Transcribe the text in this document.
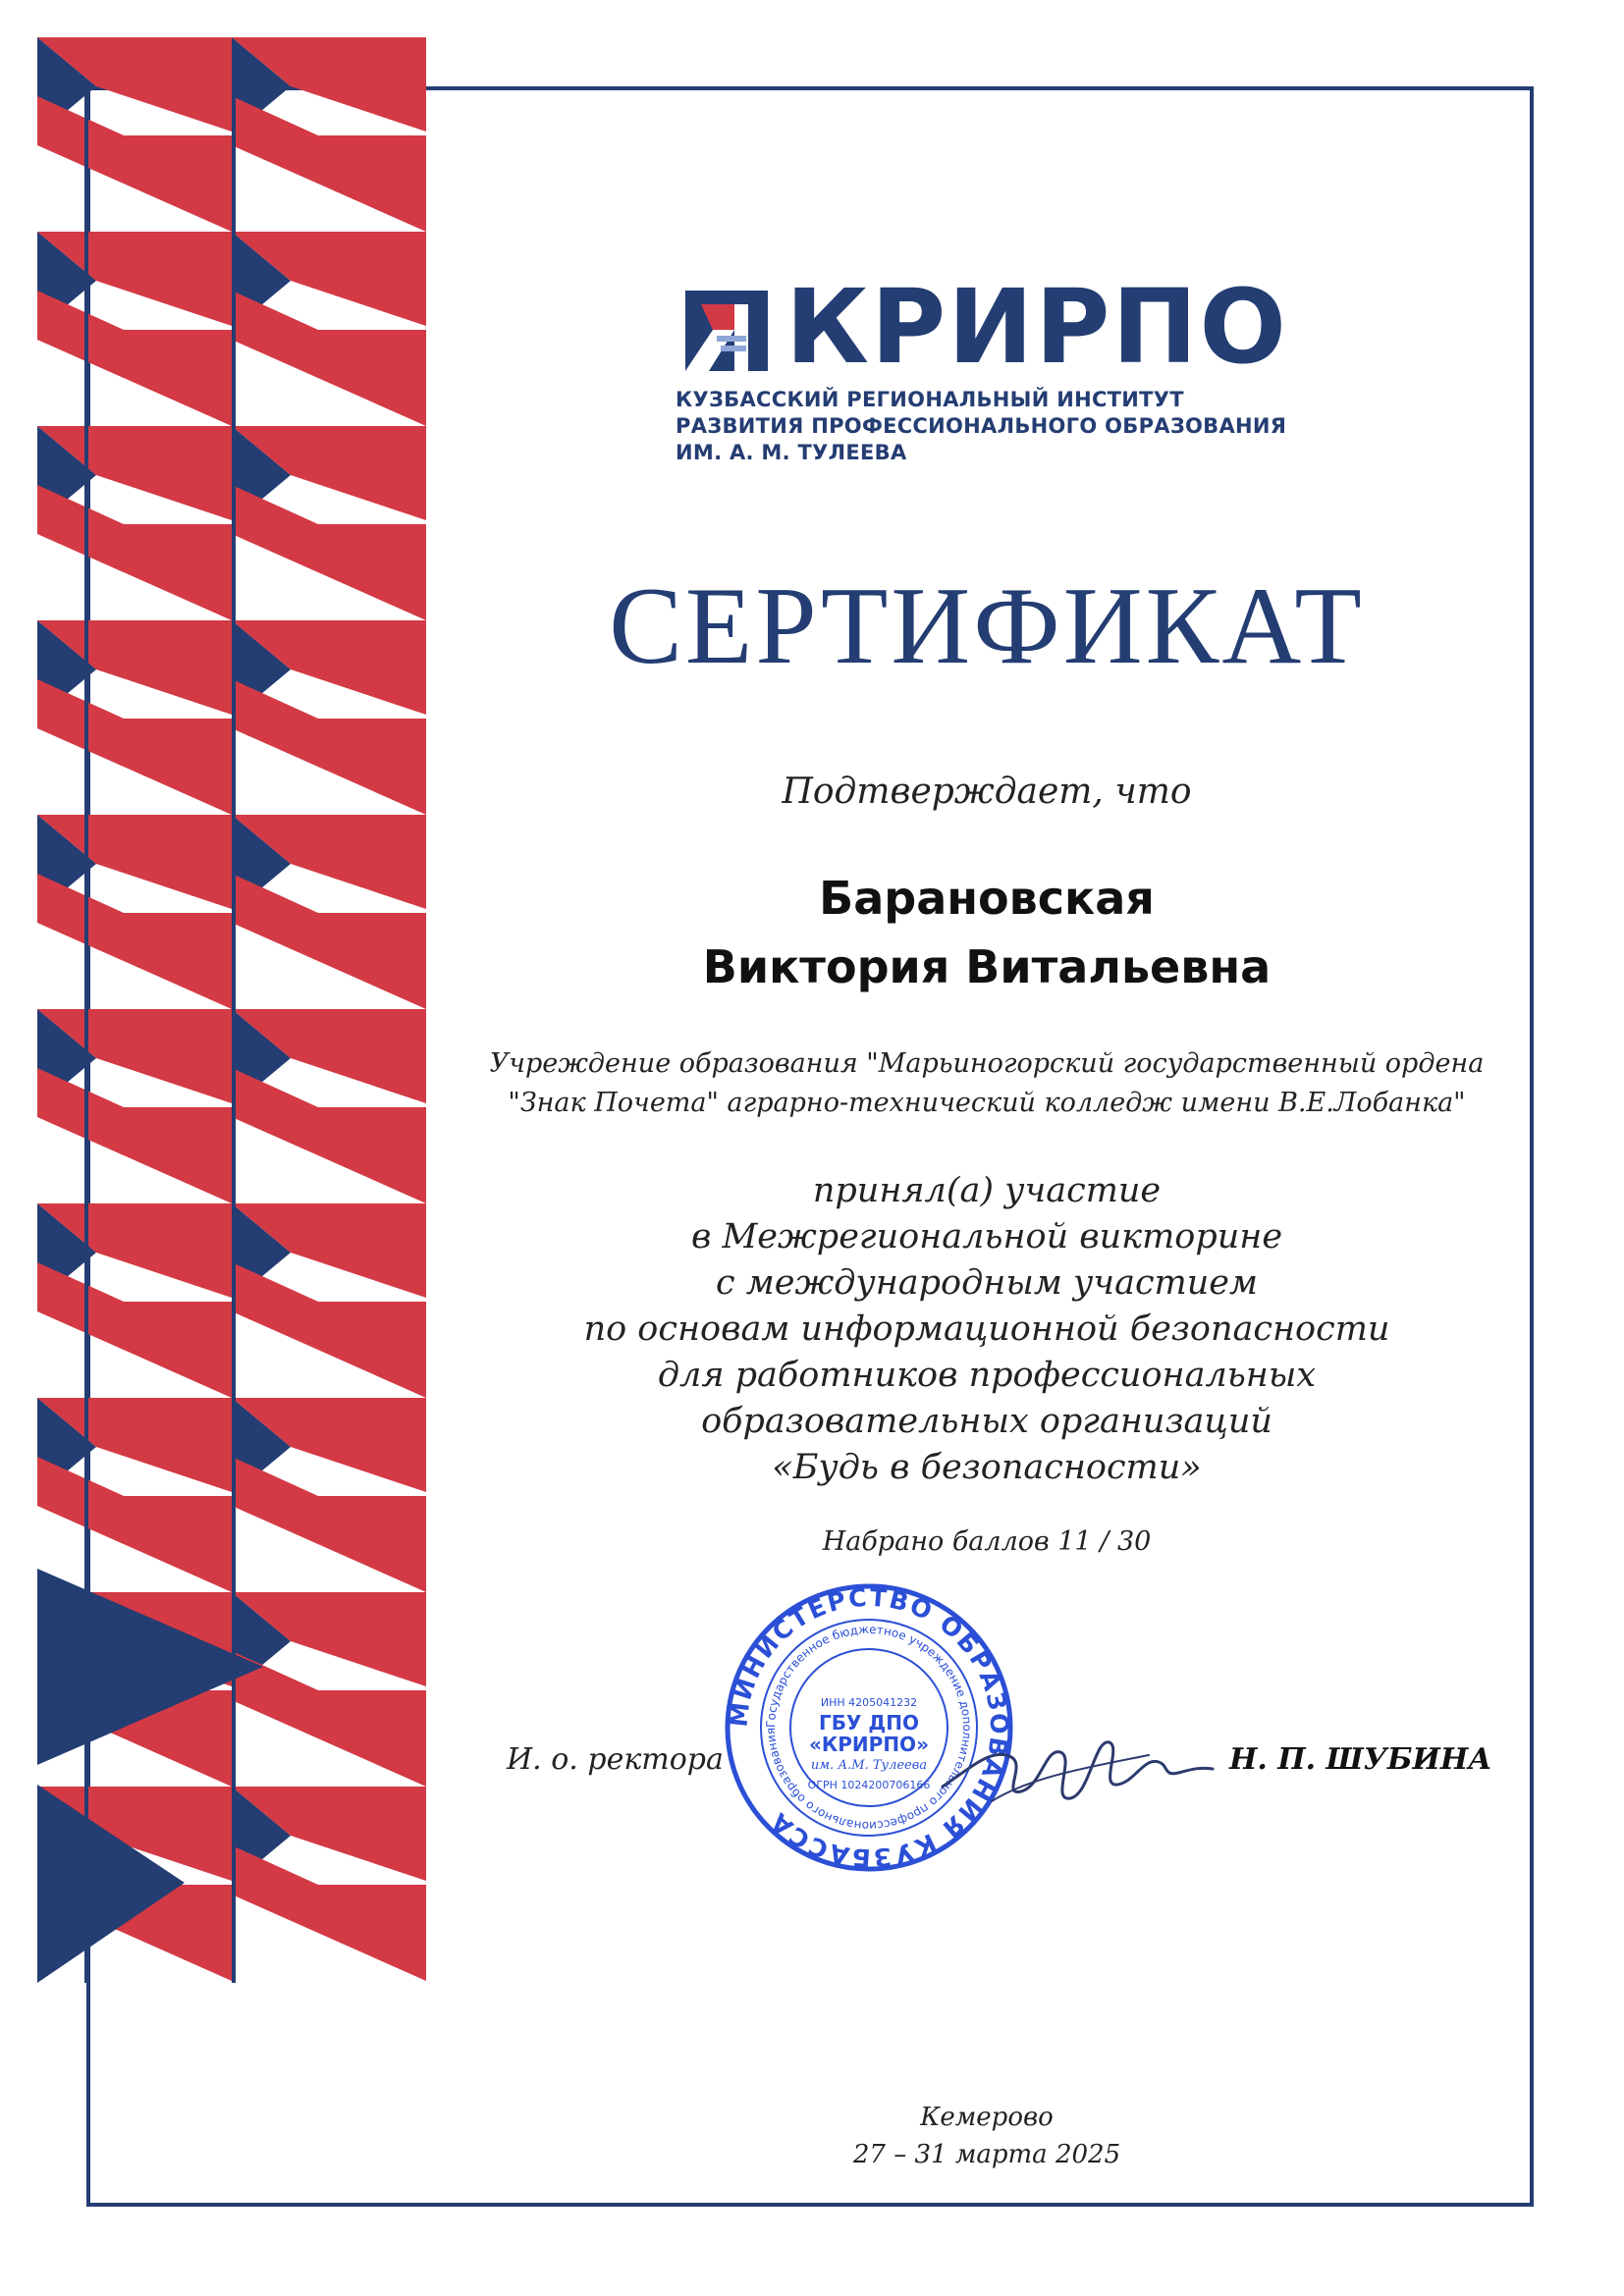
КРИРПО
КУЗБАССКИЙ РЕГИОНАЛЬНЫЙ ИНСТИТУТ
РАЗВИТИЯ ПРОФЕССИОНАЛЬНОГО ОБРАЗОВАНИЯ
ИМ. А. М. ТУЛЕЕВА
СЕРТИФИКАТ
Подтверждает, что
Барановская
Виктория Витальевна
Учреждение образования "Марьиногорский государственный ордена
"Знак Почета" аграрно-технический колледж имени В.Е.Лобанка"
принял(а) участие
в Межрегиональной викторине
с международным участием
по основам информационной безопасности
для работников профессиональных
образовательных организаций
«Будь в безопасности»
Набрано баллов 11 / 30
И. о. ректора
МИНИСТЕРСТВО ОБРАЗОВАНИЯ КУЗБАССА
Государственное бюджетное учреждение дополнительного профессионального образования
ИНН 4205041232
ГБУ ДПО
«КРИРПО»
им. А.М. Тулеева
ОГРН 1024200706166
Н. П. ШУБИНА
Кемерово
27 – 31 марта 2025
